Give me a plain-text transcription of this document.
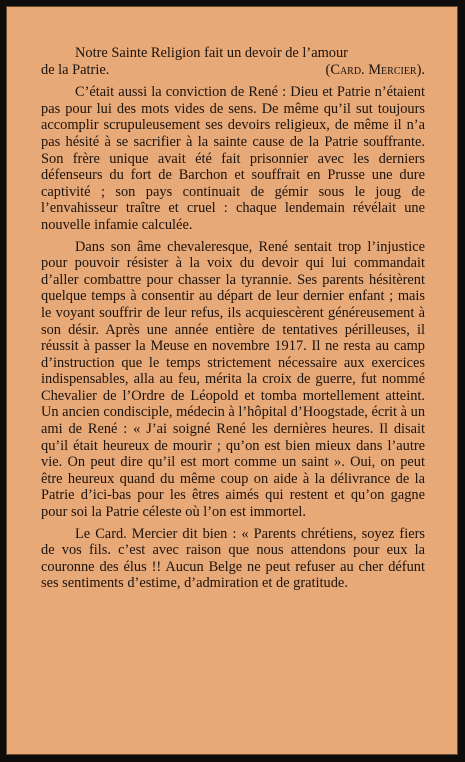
Notre Sainte Religion fait un devoir de l’amour
de la Patrie.	(Card. Mercier).

C’était aussi la conviction de René : Dieu et Patrie n’étaient pas pour lui des mots vides de sens. De même qu’il sut toujours accomplir scrupuleusement ses devoirs religieux, de même il n’a pas hésité à se sacrifier à la sainte cause de la Patrie souffrante. Son frère unique avait été fait prisonnier avec les derniers défenseurs du fort de Barchon et souffrait en Prusse une dure captivité ; son pays continuait de gémir sous le joug de l’envahisseur traître et cruel : chaque lendemain révélait une nouvelle infamie calculée.

Dans son âme chevaleresque, René sentait trop l’injustice pour pouvoir résister à la voix du devoir qui lui commandait d’aller combattre pour chasser la tyrannie. Ses parents hésitèrent quelque temps à consentir au départ de leur dernier enfant ; mais le voyant souffrir de leur refus, ils acquiescèrent généreusement à son désir. Après une année entière de tentatives périlleuses, il réussit à passer la Meuse en novembre 1917. Il ne resta au camp d’instruction que le temps strictement nécessaire aux exercices indispensables, alla au feu, mérita la croix de guerre, fut nommé Chevalier de l’Ordre de Léopold et tomba mortellement atteint. Un ancien condisciple, médecin à l’hôpital d’Hoogstade, écrit à un ami de René : « J’ai soigné René les dernières heures. Il disait qu’il était heureux de mourir ; qu’on est bien mieux dans l’autre vie. On peut dire qu’il est mort comme un saint ». Oui, on peut être heureux quand du même coup on aide à la délivrance de la Patrie d’ici-bas pour les êtres aimés qui restent et qu’on gagne pour soi la Patrie céleste où l’on est immortel.

Le Card. Mercier dit bien : « Parents chrétiens, soyez fiers de vos fils. c’est avec raison que nous attendons pour eux la couronne des élus !! Aucun Belge ne peut refuser au cher défunt ses sentiments d’estime, d’admiration et de gratitude.
